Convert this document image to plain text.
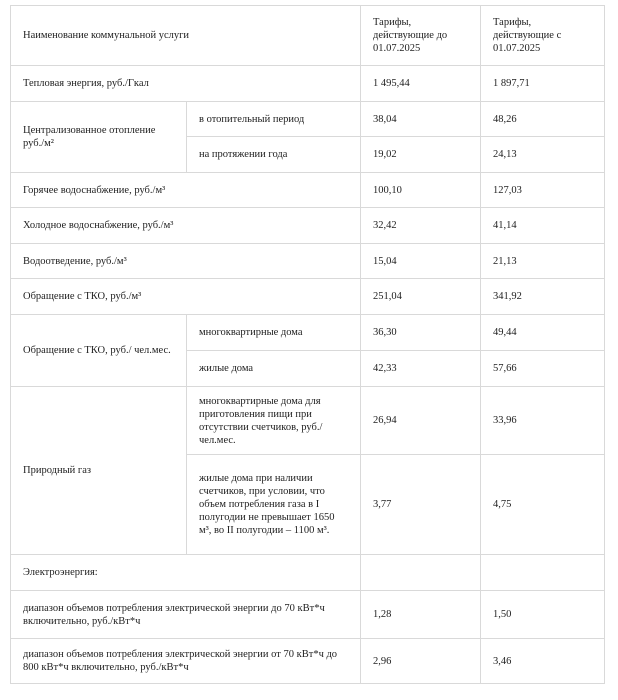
Наименование коммунальной услуги		Тарифы, действующие до 01.07.2025	Тарифы, действующие с 01.07.2025
Тепловая энергия, руб./Гкал		1 495,44	1 897,71
Централизованное отопление руб./м²	в отопительный период	38,04	48,26
	на протяжении года	19,02	24,13
Горячее водоснабжение, руб./м³		100,10	127,03
Холодное водоснабжение, руб./м³		32,42	41,14
Водоотведение, руб./м³		15,04	21,13
Обращение с ТКО, руб./м³		251,04	341,92
Обращение с ТКО, руб./ чел.мес.	многоквартирные дома	36,30	49,44
	жилые дома	42,33	57,66
Природный газ	многоквартирные дома для приготовления пищи при отсутствии счетчиков, руб./ чел.мес.	26,94	33,96
	жилые дома при наличии счетчиков, при условии, что объем потребления газа в I полугодии не превышает 1650 м³, во II полугодии – 1100 м³.	3,77	4,75
Электроэнергия:			
диапазон объемов потребления электрической энергии до 70 кВт*ч включительно, руб./кВт*ч		1,28	1,50
диапазон объемов потребления электрической энергии от 70 кВт*ч до 800 кВт*ч включительно, руб./кВт*ч		2,96	3,46
